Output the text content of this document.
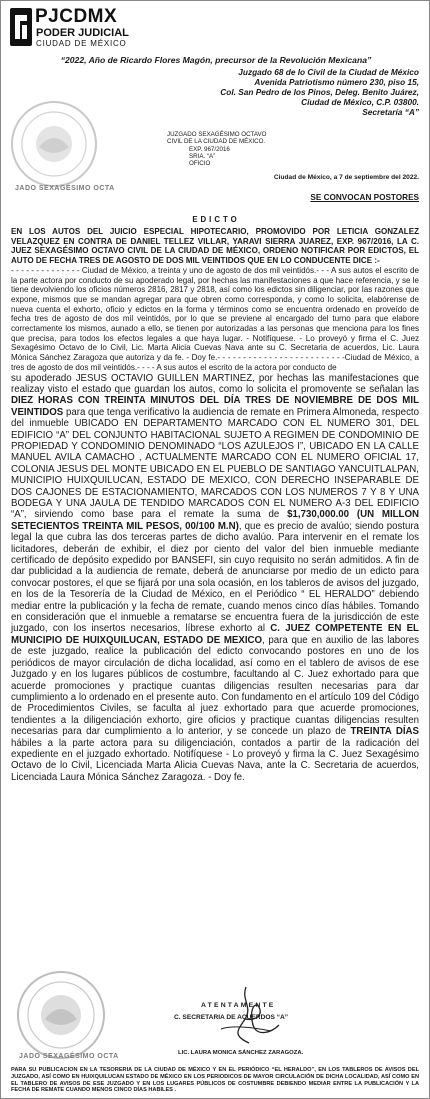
PJCDMX
PODER JUDICIAL
CIUDAD DE MÉXICO
“2022, Año de Ricardo Flores Magón, precursor de la Revolución Mexicana”
Juzgado 68 de lo Civil de la Ciudad de México
Avenida Patriotismo número 230, piso 15,
Col. San Pedro de los Pinos, Deleg. Benito Juárez,
Ciudad de México, C.P. 03800.
Secretaría “A”
JADO SEXAGÉSIMO OCTA
JUZGADO SEXAGÉSIMO OCTAVO
CIVIL DE LA CIUDAD DE MÉXICO.
EXP. 967/2016
SRIA. “A”
OFICIO
Ciudad de México, a 7 de septiembre del 2022.
SE CONVOCAN POSTORES
EDICTO

EN LOS AUTOS DEL JUICIO ESPECIAL HIPOTECARIO, PROMOVIDO POR LETICIA GONZALEZ VELAZQUEZ EN CONTRA DE DANIEL TELLEZ VILLAR, YARAVI SIERRA JUAREZ, EXP. 967/2016, LA C. JUEZ SEXAGÉSIMO OCTAVO CIVIL DE LA CIUDAD DE MÉXICO, ORDENO NOTIFICAR POR EDICTOS, EL AUTO DE FECHA TRES DE AGOSTO DE DOS MIL VEINTIDOS QUE EN LO CONDUCENTE DICE :-

- - - - - - - - - - - - - - Ciudad de México, a treinta y uno de agosto de dos mil veintidós.- - - A sus autos el escrito de la parte actora por conducto de su apoderado legal, por hechas las manifestaciones a que hace referencia, y se le tiene devolviendo los oficios números 2816, 2817 y 2818, así como los edictos sin diligenciar, por las razones que expone, mismos que se mandan agregar para que obren como corresponda, y como lo solicita, elabórense de nueva cuenta el exhorto, oficio y edictos en la forma y términos como se encuentra ordenado en proveído de fecha tres de agosto de dos mil veintidós, por lo que se previene al encargado del turno para que elabore correctamente los mismos, aunado a ello, se tienen por autorizadas a las personas que menciona para los fines que precisa, para todos los efectos legales a que haya lugar. - Notifíquese. - Lo proveyó y firma el C. Juez Sexagésimo Octavo de lo Civil, Lic. Marta Alicia Cuevas Nava ante su C. Secretaria de acuerdos, Lic. Laura Mónica Sánchez Zaragoza que autoriza y da fe. - Doy fe.- - - - - - - - - - - - - - - - - - - - - - - - -Ciudad de México, a tres de agosto de dos mil veintidós.- - - - A sus autos el escrito de la actora por conducto de

su apoderado JESUS OCTAVIO GUILLEN MARTINEZ, por hechas las manifestaciones que realizay visto el estado que guardan los autos, como lo solicita el promovente se señalan las DIEZ HORAS CON TREINTA MINUTOS DEL DÍA TRES DE NOVIEMBRE DE DOS MIL VEINTIDOS para que tenga verificativo la audiencia de remate en Primera Almoneda, respecto del inmueble UBICADO EN DEPARTAMENTO MARCADO CON EL NUMERO 301, DEL EDIFICIO “A” DEL CONJUNTO HABITACIONAL SUJETO A REGIMEN DE CONDOMINIO DE PROPIEDAD Y CONDOMINIO DENOMINADO “LOS AZULEJOS I”, UBICADO EN LA CALLE MANUEL AVILA CAMACHO , ACTUALMENTE MARCADO CON EL NUMERO OFICIAL 17, COLONIA JESUS DEL MONTE UBICADO EN EL PUEBLO DE SANTIAGO YANCUITLALPAN, MUNICIPIO HUIXQUILUCAN, ESTADO DE MEXICO, CON DERECHO INSEPARABLE DE DOS CAJONES DE ESTACIONAMIENTO, MARCADOS CON LOS NUMEROS 7 Y 8 Y UNA BODEGA Y UNA JAULA DE TENDIDO MARCADOS CON EL NUMERO A-3 DEL EDIFICIO “A”, sirviendo como base para el remate la suma de $1,730,000.00 (UN MILLON SETECIENTOS TREINTA MIL PESOS, 00/100 M.N), que es precio de avalúo; siendo postura legal la que cubra las dos terceras partes de dicho avalúo. Para intervenir en el remate los licitadores, deberán de exhibir, el diez por ciento del valor del bien inmueble mediante certificado de depósito expedido por BANSEFI, sin cuyo requisito no serán admitidos. A fin de dar publicidad a la audiencia de remate, deberá de anunciarse por medio de un edicto para convocar postores, el que se fijará por una sola ocasión, en los tableros de avisos del juzgado, en los de la Tesorería de la Ciudad de México, en el Periódico “ EL HERALDO” debiendo mediar entre la publicación y la fecha de remate, cuando menos cinco días hábiles. Tomando en consideración que el inmueble a rematarse se encuentra fuera de la jurisdicción de este juzgado, con los insertos necesarios, líbrese exhorto al C. JUEZ COMPETENTE EN EL MUNICIPIO DE HUIXQUILUCAN, ESTADO DE MEXICO, para que en auxilio de las labores de este juzgado, realice la publicación del edicto convocando postores en uno de los periódicos de mayor circulación de dicha localidad, así como en el tablero de avisos de ese Juzgado y en los lugares públicos de costumbre, facultando al C. Juez exhortado para que acuerde promociones y practique cuantas diligencias resulten necesarias para dar cumplimiento a lo ordenado en el presente auto. Con fundamento en el artículo 109 del Código de Procedimientos Civiles, se faculta al juez exhortado para que acuerde promociones, tendientes a la diligenciación exhorto, gire oficios y practique cuantas diligencias resulten necesarias para dar cumplimiento a lo anterior, y se concede un plazo de TREINTA DÍAS hábiles a la parte actora para su diligenciación, contados a partir de la radicación del expediente en el juzgado exhortado. Notifíquese - Lo proveyó y firma la C. Juez Sexagésimo Octavo de lo Civil, Licenciada Marta Alicia Cuevas Nava, ante la C. Secretaria de acuerdos, Licenciada Laura Mónica Sánchez Zaragoza. - Doy fe.

JADO SEXAGÉSIMO OCTA
ATENTAMENTE
C. SECRETARIA DE ACUERDOS “A”
LIC. LAURA MONICA SÁNCHEZ ZARAGOZA.
PARA SU PUBLICACION EN LA TESORERIA DE LA CIUDAD DE MÉXICO Y EN EL PERIÓDICO “EL HERALDO”, EN LOS TABLEROS DE AVISOS DEL JUZGADO, ASÍ COMO EN HUIXQUILUCAN ESTADO DE MÉXICO EN LOS PERIODICOS DE MAYOR CIRCULACIÓN DE DICHA LOCALIDAD, ASÍ COMO EN EL TABLERO DE AVISOS DE ESE JUZGADO Y EN LOS LUGARES PÚBLICOS DE COSTUMBRE DEBIENDO MEDIAR ENTRE LA PUBLICACIÓN Y LA FECHA DE REMATE CUANDO MENOS CINCO DÍAS HABILES .
